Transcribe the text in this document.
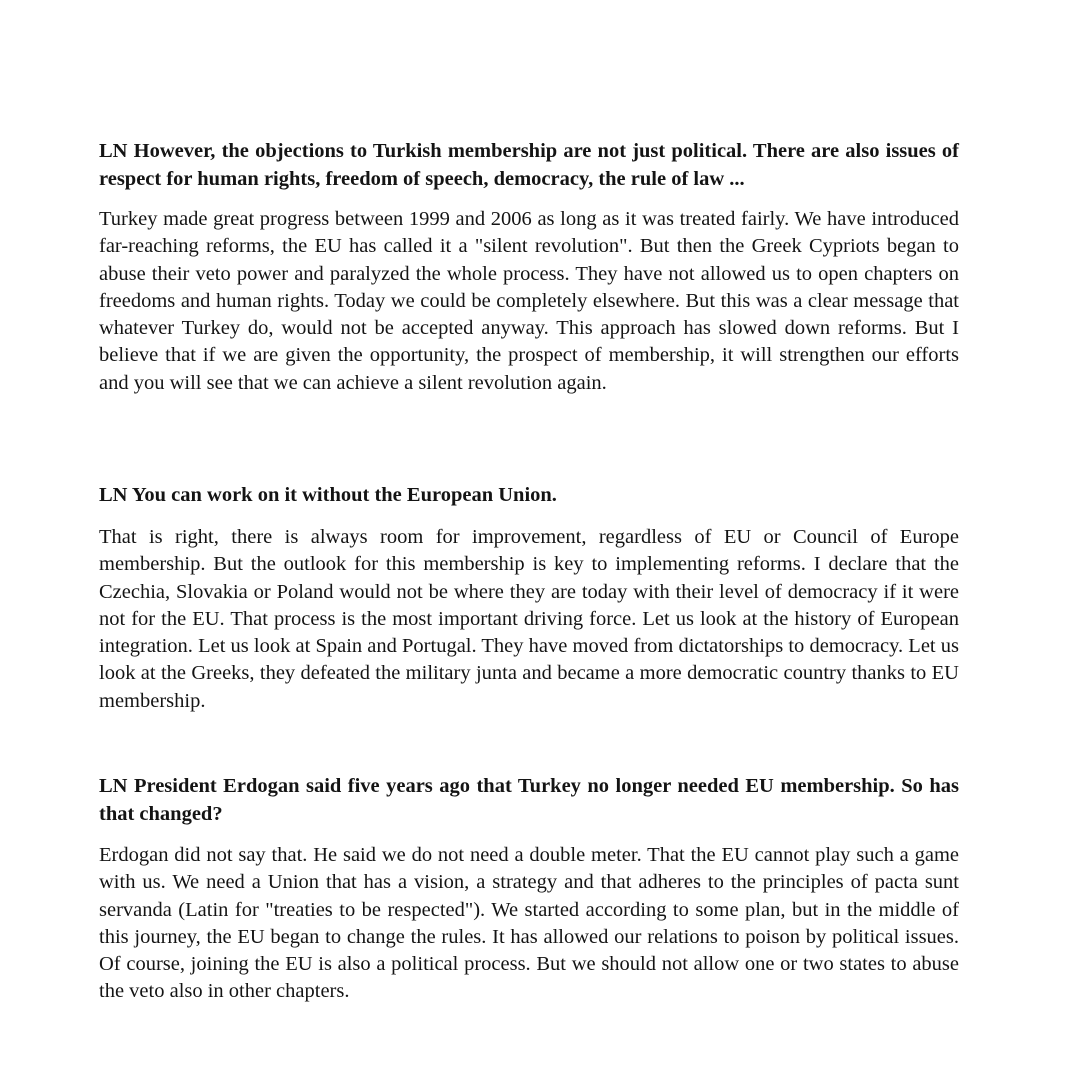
LN However, the objections to Turkish membership are not just political. There are also issues of respect for human rights, freedom of speech, democracy, the rule of law ...

Turkey made great progress between 1999 and 2006 as long as it was treated fairly. We have introduced far-reaching reforms, the EU has called it a "silent revolution". But then the Greek Cypriots began to abuse their veto power and paralyzed the whole process. They have not allowed us to open chapters on freedoms and human rights. Today we could be completely elsewhere. But this was a clear message that whatever Turkey do, would not be accepted anyway. This approach has slowed down reforms. But I believe that if we are given the opportunity, the prospect of membership, it will strengthen our efforts and you will see that we can achieve a silent revolution again.

LN You can work on it without the European Union.

That is right, there is always room for improvement, regardless of EU or Council of Europe membership. But the outlook for this membership is key to implementing reforms. I declare that the Czechia, Slovakia or Poland would not be where they are today with their level of democracy if it were not for the EU. That process is the most important driving force. Let us look at the history of European integration. Let us look at Spain and Portugal. They have moved from dictatorships to democracy. Let us look at the Greeks, they defeated the military junta and became a more democratic country thanks to EU membership.

LN President Erdogan said five years ago that Turkey no longer needed EU membership. So has that changed?

Erdogan did not say that. He said we do not need a double meter. That the EU cannot play such a game with us. We need a Union that has a vision, a strategy and that adheres to the principles of pacta sunt servanda (Latin for "treaties to be respected"). We started according to some plan, but in the middle of this journey, the EU began to change the rules. It has allowed our relations to poison by political issues. Of course, joining the EU is also a political process. But we should not allow one or two states to abuse the veto also in other chapters.
